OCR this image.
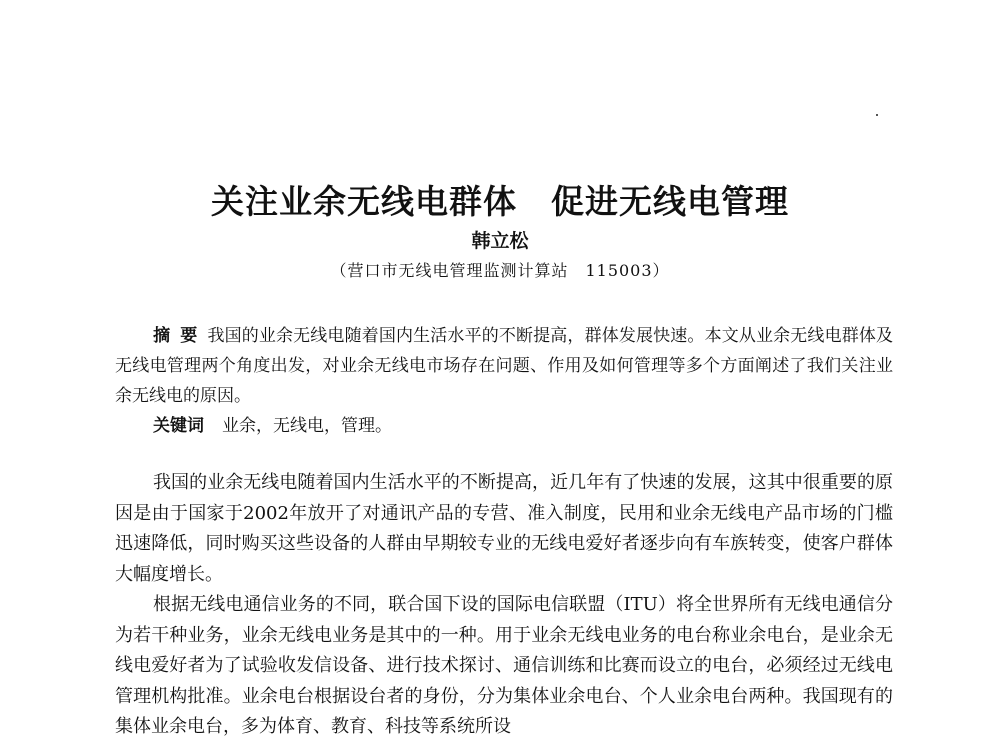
关注业余无线电群体　促进无线电管理
韩立松
（营口市无线电管理监测计算站　115003）
摘要我国的业余无线电随着国内生活水平的不断提高，群体发展快速。本文从业余无线电群体及无线电管理两个角度出发，对业余无线电市场存在问题、作用及如何管理等多个方面阐述了我们关注业余无线电的原因。
关键词 业余，无线电，管理。

我国的业余无线电随着国内生活水平的不断提高，近几年有了快速的发展，这其中很重要的原因是由于国家于2002年放开了对通讯产品的专营、准入制度，民用和业余无线电产品市场的门槛迅速降低，同时购买这些设备的人群由早期较专业的无线电爱好者逐步向有车族转变，使客户群体大幅度增长。

根据无线电通信业务的不同，联合国下设的国际电信联盟（ITU）将全世界所有无线电通信分为若干种业务，业余无线电业务是其中的一种。用于业余无线电业务的电台称业余电台，是业余无线电爱好者为了试验收发信设备、进行技术探讨、通信训练和比赛而设立的电台，必须经过无线电管理机构批准。业余电台根据设台者的身份，分为集体业余电台、个人业余电台两种。我国现有的集体业余电台，多为体育、教育、科技等系统所设
